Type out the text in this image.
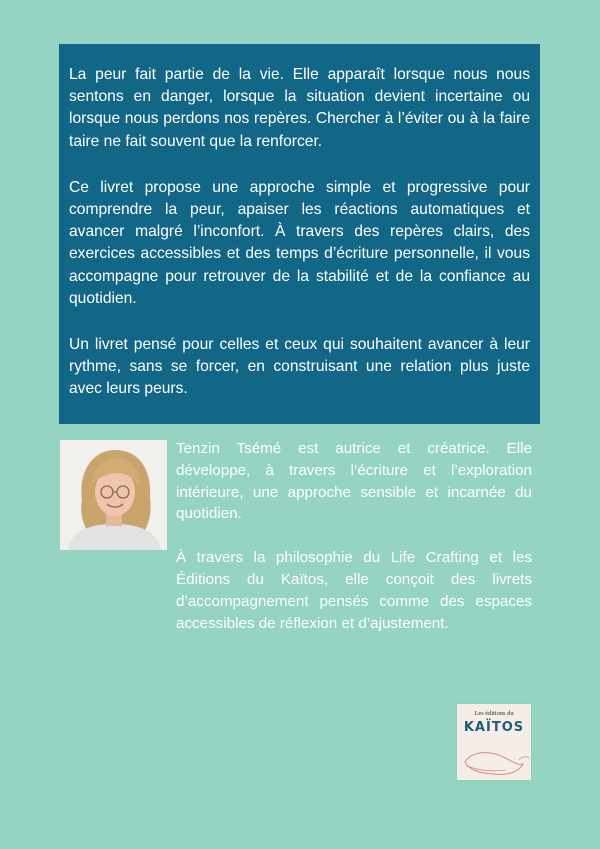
La peur fait partie de la vie. Elle apparaît lorsque nous nous sentons en danger, lorsque la situation devient incertaine ou lorsque nous perdons nos repères. Chercher à l’éviter ou à la faire taire ne fait souvent que la renforcer.

Ce livret propose une approche simple et progressive pour comprendre la peur, apaiser les réactions automatiques et avancer malgré l’inconfort. À travers des repères clairs, des exercices accessibles et des temps d’écriture personnelle, il vous accompagne pour retrouver de la stabilité et de la confiance au quotidien.

Un livret pensé pour celles et ceux qui souhaitent avancer à leur rythme, sans se forcer, en construisant une relation plus juste avec leurs peurs.

Tenzin Tsémé est autrice et créatrice. Elle développe, à travers l’écriture et l’exploration intérieure, une approche sensible et incarnée du quotidien.

À travers la philosophie du Life Crafting et les Éditions du Kaïtos, elle conçoit des livrets d’accompagnement pensés comme des espaces accessibles de réflexion et d’ajustement.

Les éditions du
KAÏTOS
